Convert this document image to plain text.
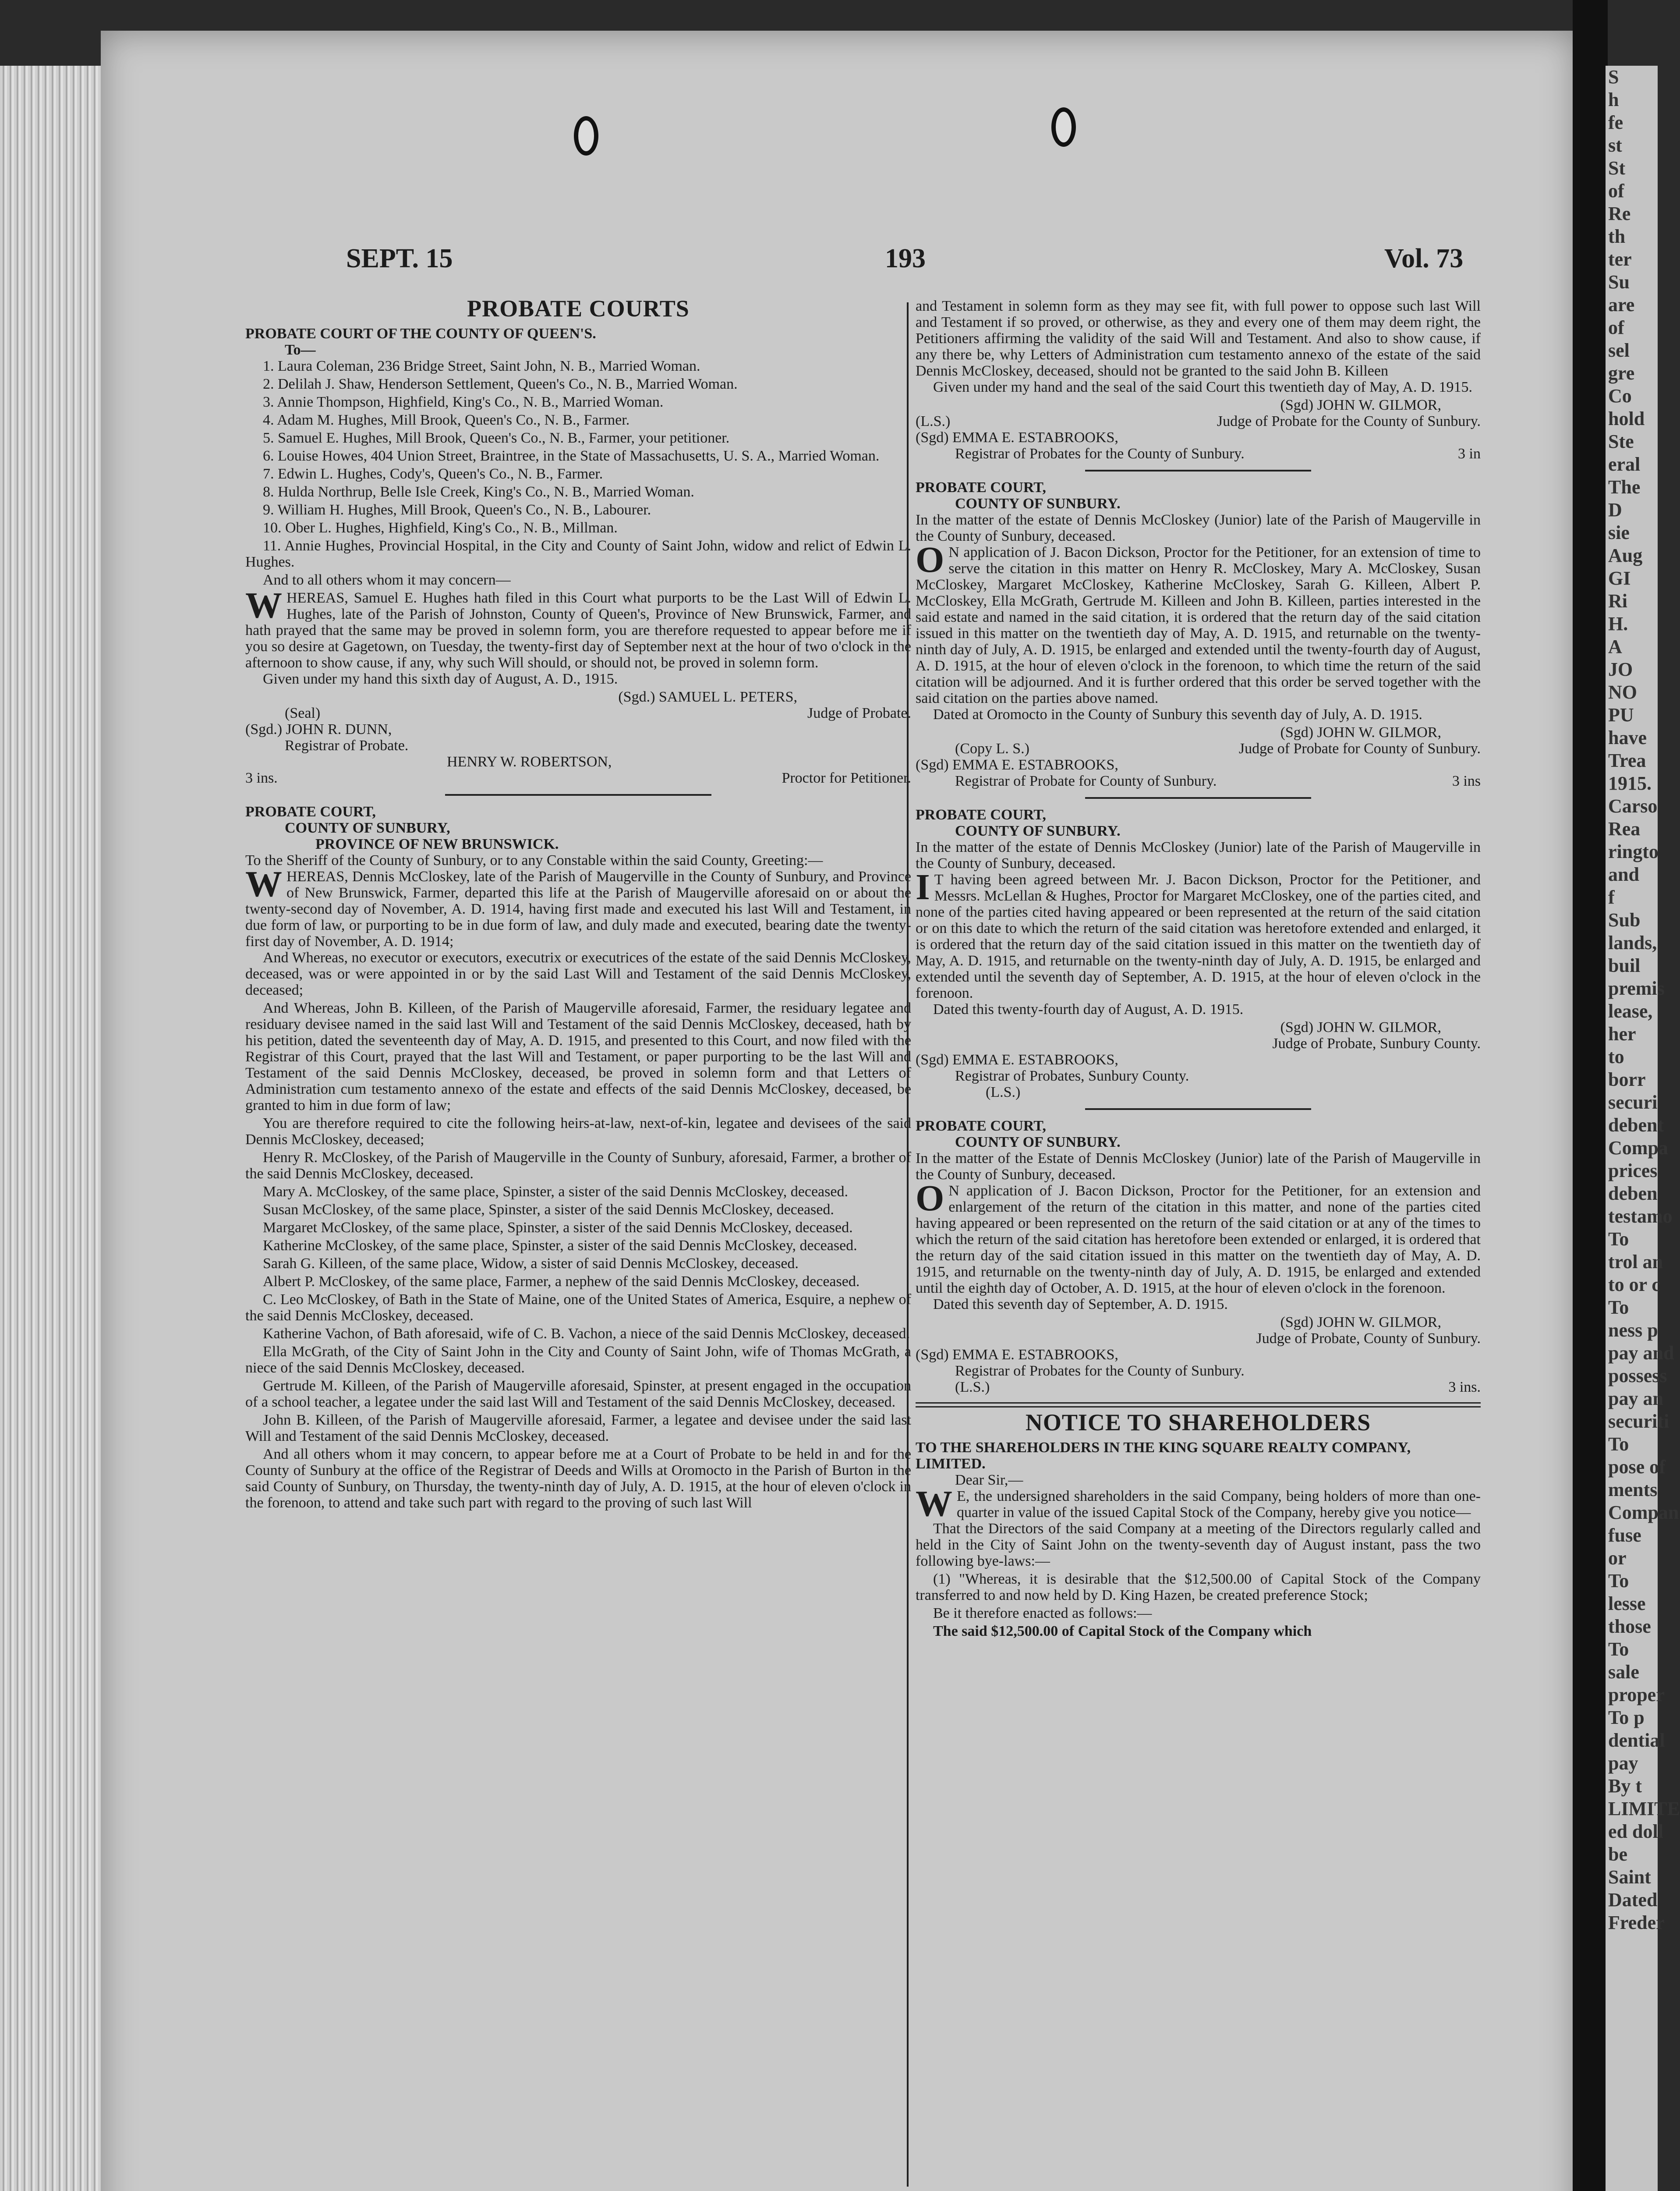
S
h
fe
st
St
of
Re
th
ter
Su
are
of
sel
gre
Co
hold
Ste
eral
The
D
sie
Aug
GI
Ri
H.
A
JO
NO
PU
have
Trea
1915.
Carso
Rea
ringto
and
f
Sub
lands,
buil
premis
lease,
her
to
borr
securi
debent
Compa
prices
deben
testamo
To
trol an
to or c
To
ness p
pay and
possess
pay an
securiti
To
pose of
ments
Compan
fuse
or
To
lesse
those
To
sale
proper
To p
dential
pay
By t
LIMITE
ed doll
be
Saint
Dated
Freder
SEPT. 15	193	Vol. 73
PROBATE COURTS
PROBATE COURT OF THE COUNTY OF QUEEN'S.
To—

1. Laura Coleman, 236 Bridge Street, Saint John, N. B., Married Woman.

2. Delilah J. Shaw, Henderson Settlement, Queen's Co., N. B., Married Woman.

3. Annie Thompson, Highfield, King's Co., N. B., Married Woman.

4. Adam M. Hughes, Mill Brook, Queen's Co., N. B., Farmer.

5. Samuel E. Hughes, Mill Brook, Queen's Co., N. B., Farmer, your petitioner.

6. Louise Howes, 404 Union Street, Braintree, in the State of Massachusetts, U. S. A., Married Woman.

7. Edwin L. Hughes, Cody's, Queen's Co., N. B., Farmer.

8. Hulda Northrup, Belle Isle Creek, King's Co., N. B., Married Woman.

9. William H. Hughes, Mill Brook, Queen's Co., N. B., Labourer.

10. Ober L. Hughes, Highfield, King's Co., N. B., Millman.

11. Annie Hughes, Provincial Hospital, in the City and County of Saint John, widow and relict of Edwin L. Hughes.

And to all others whom it may concern—

WHEREAS, Samuel E. Hughes hath filed in this Court what purports to be the Last Will of Edwin L. Hughes, late of the Parish of Johnston, County of Queen's, Province of New Brunswick, Farmer, and hath prayed that the same may be proved in solemn form, you are therefore requested to appear before me if you so desire at Gagetown, on Tuesday, the twenty-first day of September next at the hour of two o'clock in the afternoon to show cause, if any, why such Will should, or should not, be proved in solemn form.

Given under my hand this sixth day of August, A. D., 1915.

(Sgd.) SAMUEL L. PETERS,
(Seal)	Judge of Probate.
(Sgd.) JOHN R. DUNN,
Registrar of Probate.
HENRY W. ROBERTSON,
3 ins.	Proctor for Petitioner.
PROBATE COURT,
COUNTY OF SUNBURY,
PROVINCE OF NEW BRUNSWICK.

To the Sheriff of the County of Sunbury, or to any Constable within the said County, Greeting:—

WHEREAS, Dennis McCloskey, late of the Parish of Maugerville in the County of Sunbury, and Province of New Brunswick, Farmer, departed this life at the Parish of Maugerville aforesaid on or about the twenty-second day of November, A. D. 1914, having first made and executed his last Will and Testament, in due form of law, or purporting to be in due form of law, and duly made and executed, bearing date the twenty-first day of November, A. D. 1914;

And Whereas, no executor or executors, executrix or executrices of the estate of the said Dennis McCloskey, deceased, was or were appointed in or by the said Last Will and Testament of the said Dennis McCloskey, deceased;

And Whereas, John B. Killeen, of the Parish of Maugerville aforesaid, Farmer, the residuary legatee and residuary devisee named in the said last Will and Testament of the said Dennis McCloskey, deceased, hath by his petition, dated the seventeenth day of May, A. D. 1915, and presented to this Court, and now filed with the Registrar of this Court, prayed that the last Will and Testament, or paper purporting to be the last Will and Testament of the said Dennis McCloskey, deceased, be proved in solemn form and that Letters of Administration cum testamento annexo of the estate and effects of the said Dennis McCloskey, deceased, be granted to him in due form of law;

You are therefore required to cite the following heirs-at-law, next-of-kin, legatee and devisees of the said Dennis McCloskey, deceased;

Henry R. McCloskey, of the Parish of Maugerville in the County of Sunbury, aforesaid, Farmer, a brother of the said Dennis McCloskey, deceased.

Mary A. McCloskey, of the same place, Spinster, a sister of the said Dennis McCloskey, deceased.

Susan McCloskey, of the same place, Spinster, a sister of the said Dennis McCloskey, deceased.

Margaret McCloskey, of the same place, Spinster, a sister of the said Dennis McCloskey, deceased.

Katherine McCloskey, of the same place, Spinster, a sister of the said Dennis McCloskey, deceased.

Sarah G. Killeen, of the same place, Widow, a sister of said Dennis McCloskey, deceased.

Albert P. McCloskey, of the same place, Farmer, a nephew of the said Dennis McCloskey, deceased.

C. Leo McCloskey, of Bath in the State of Maine, one of the United States of America, Esquire, a nephew of the said Dennis McCloskey, deceased.

Katherine Vachon, of Bath aforesaid, wife of C. B. Vachon, a niece of the said Dennis McCloskey, deceased.

Ella McGrath, of the City of Saint John in the City and County of Saint John, wife of Thomas McGrath, a niece of the said Dennis McCloskey, deceased.

Gertrude M. Killeen, of the Parish of Maugerville aforesaid, Spinster, at present engaged in the occupation of a school teacher, a legatee under the said last Will and Testament of the said Dennis McCloskey, deceased.

John B. Killeen, of the Parish of Maugerville aforesaid, Farmer, a legatee and devisee under the said last Will and Testament of the said Dennis McCloskey, deceased.

And all others whom it may concern, to appear before me at a Court of Probate to be held in and for the County of Sunbury at the office of the Registrar of Deeds and Wills at Oromocto in the Parish of Burton in the said County of Sunbury, on Thursday, the twenty-ninth day of July, A. D. 1915, at the hour of eleven o'clock in the forenoon, to attend and take such part with regard to the proving of such last Will

and Testament in solemn form as they may see fit, with full power to oppose such last Will and Testament if so proved, or otherwise, as they and every one of them may deem right, the Petitioners affirming the validity of the said Will and Testament. And also to show cause, if any there be, why Letters of Administration cum testamento annexo of the estate of the said Dennis McCloskey, deceased, should not be granted to the said John B. Killeen

Given under my hand and the seal of the said Court this twentieth day of May, A. D. 1915.

(Sgd) JOHN W. GILMOR,
(L.S.)	Judge of Probate for the County of Sunbury.
(Sgd) EMMA E. ESTABROOKS,
Registrar of Probates for the County of Sunbury.	3 in
PROBATE COURT,
COUNTY OF SUNBURY.

In the matter of the estate of Dennis McCloskey (Junior) late of the Parish of Maugerville in the County of Sunbury, deceased.

O N application of J. Bacon Dickson, Proctor for the Petitioner, for an extension of time to serve the citation in this matter on Henry R. McCloskey, Mary A. McCloskey, Susan McCloskey, Margaret McCloskey, Katherine McCloskey, Sarah G. Killeen, Albert P. McCloskey, Ella McGrath, Gertrude M. Killeen and John B. Killeen, parties interested in the said estate and named in the said citation, it is ordered that the return day of the said citation issued in this matter on the twentieth day of May, A. D. 1915, and returnable on the twenty-ninth day of July, A. D. 1915, be enlarged and extended until the twenty-fourth day of August, A. D. 1915, at the hour of eleven o'clock in the forenoon, to which time the return of the said citation will be adjourned. And it is further ordered that this order be served together with the said citation on the parties above named.

Dated at Oromocto in the County of Sunbury this seventh day of July, A. D. 1915.

(Sgd) JOHN W. GILMOR,
(Copy L. S.)	Judge of Probate for County of Sunbury.
(Sgd) EMMA E. ESTABROOKS,
Registrar of Probate for County of Sunbury.	3 ins
PROBATE COURT,
COUNTY OF SUNBURY.

In the matter of the estate of Dennis McCloskey (Junior) late of the Parish of Maugerville in the County of Sunbury, deceased.

I T having been agreed between Mr. J. Bacon Dickson, Proctor for the Petitioner, and Messrs. McLellan & Hughes, Proctor for Margaret McCloskey, one of the parties cited, and none of the parties cited having appeared or been represented at the return of the said citation or on this date to which the return of the said citation was heretofore extended and enlarged, it is ordered that the return day of the said citation issued in this matter on the twentieth day of May, A. D. 1915, and returnable on the twenty-ninth day of July, A. D. 1915, be enlarged and extended until the seventh day of September, A. D. 1915, at the hour of eleven o'clock in the forenoon.

Dated this twenty-fourth day of August, A. D. 1915.

(Sgd) JOHN W. GILMOR,
Judge of Probate, Sunbury County.
(Sgd) EMMA E. ESTABROOKS,
Registrar of Probates, Sunbury County.
(L.S.)
PROBATE COURT,
COUNTY OF SUNBURY.

In the matter of the Estate of Dennis McCloskey (Junior) late of the Parish of Maugerville in the County of Sunbury, deceased.

O N application of J. Bacon Dickson, Proctor for the Petitioner, for an extension and enlargement of the return of the citation in this matter, and none of the parties cited having appeared or been represented on the return of the said citation or at any of the times to which the return of the said citation has heretofore been extended or enlarged, it is ordered that the return day of the said citation issued in this matter on the twentieth day of May, A. D. 1915, and returnable on the twenty-ninth day of July, A. D. 1915, be enlarged and extended until the eighth day of October, A. D. 1915, at the hour of eleven o'clock in the forenoon.

Dated this seventh day of September, A. D. 1915.

(Sgd) JOHN W. GILMOR,
Judge of Probate, County of Sunbury.
(Sgd) EMMA E. ESTABROOKS,
Registrar of Probates for the County of Sunbury.
(L.S.)	3 ins.
NOTICE TO SHAREHOLDERS
TO THE SHAREHOLDERS IN THE KING SQUARE REALTY COMPANY, LIMITED.
Dear Sir,—

W E, the undersigned shareholders in the said Company, being holders of more than one-quarter in value of the issued Capital Stock of the Company, hereby give you notice—

That the Directors of the said Company at a meeting of the Directors regularly called and held in the City of Saint John on the twenty-seventh day of August instant, pass the two following bye-laws:—

(1) "Whereas, it is desirable that the $12,500.00 of Capital Stock of the Company transferred to and now held by D. King Hazen, be created preference Stock;

Be it therefore enacted as follows:—

The said $12,500.00 of Capital Stock of the Company which
